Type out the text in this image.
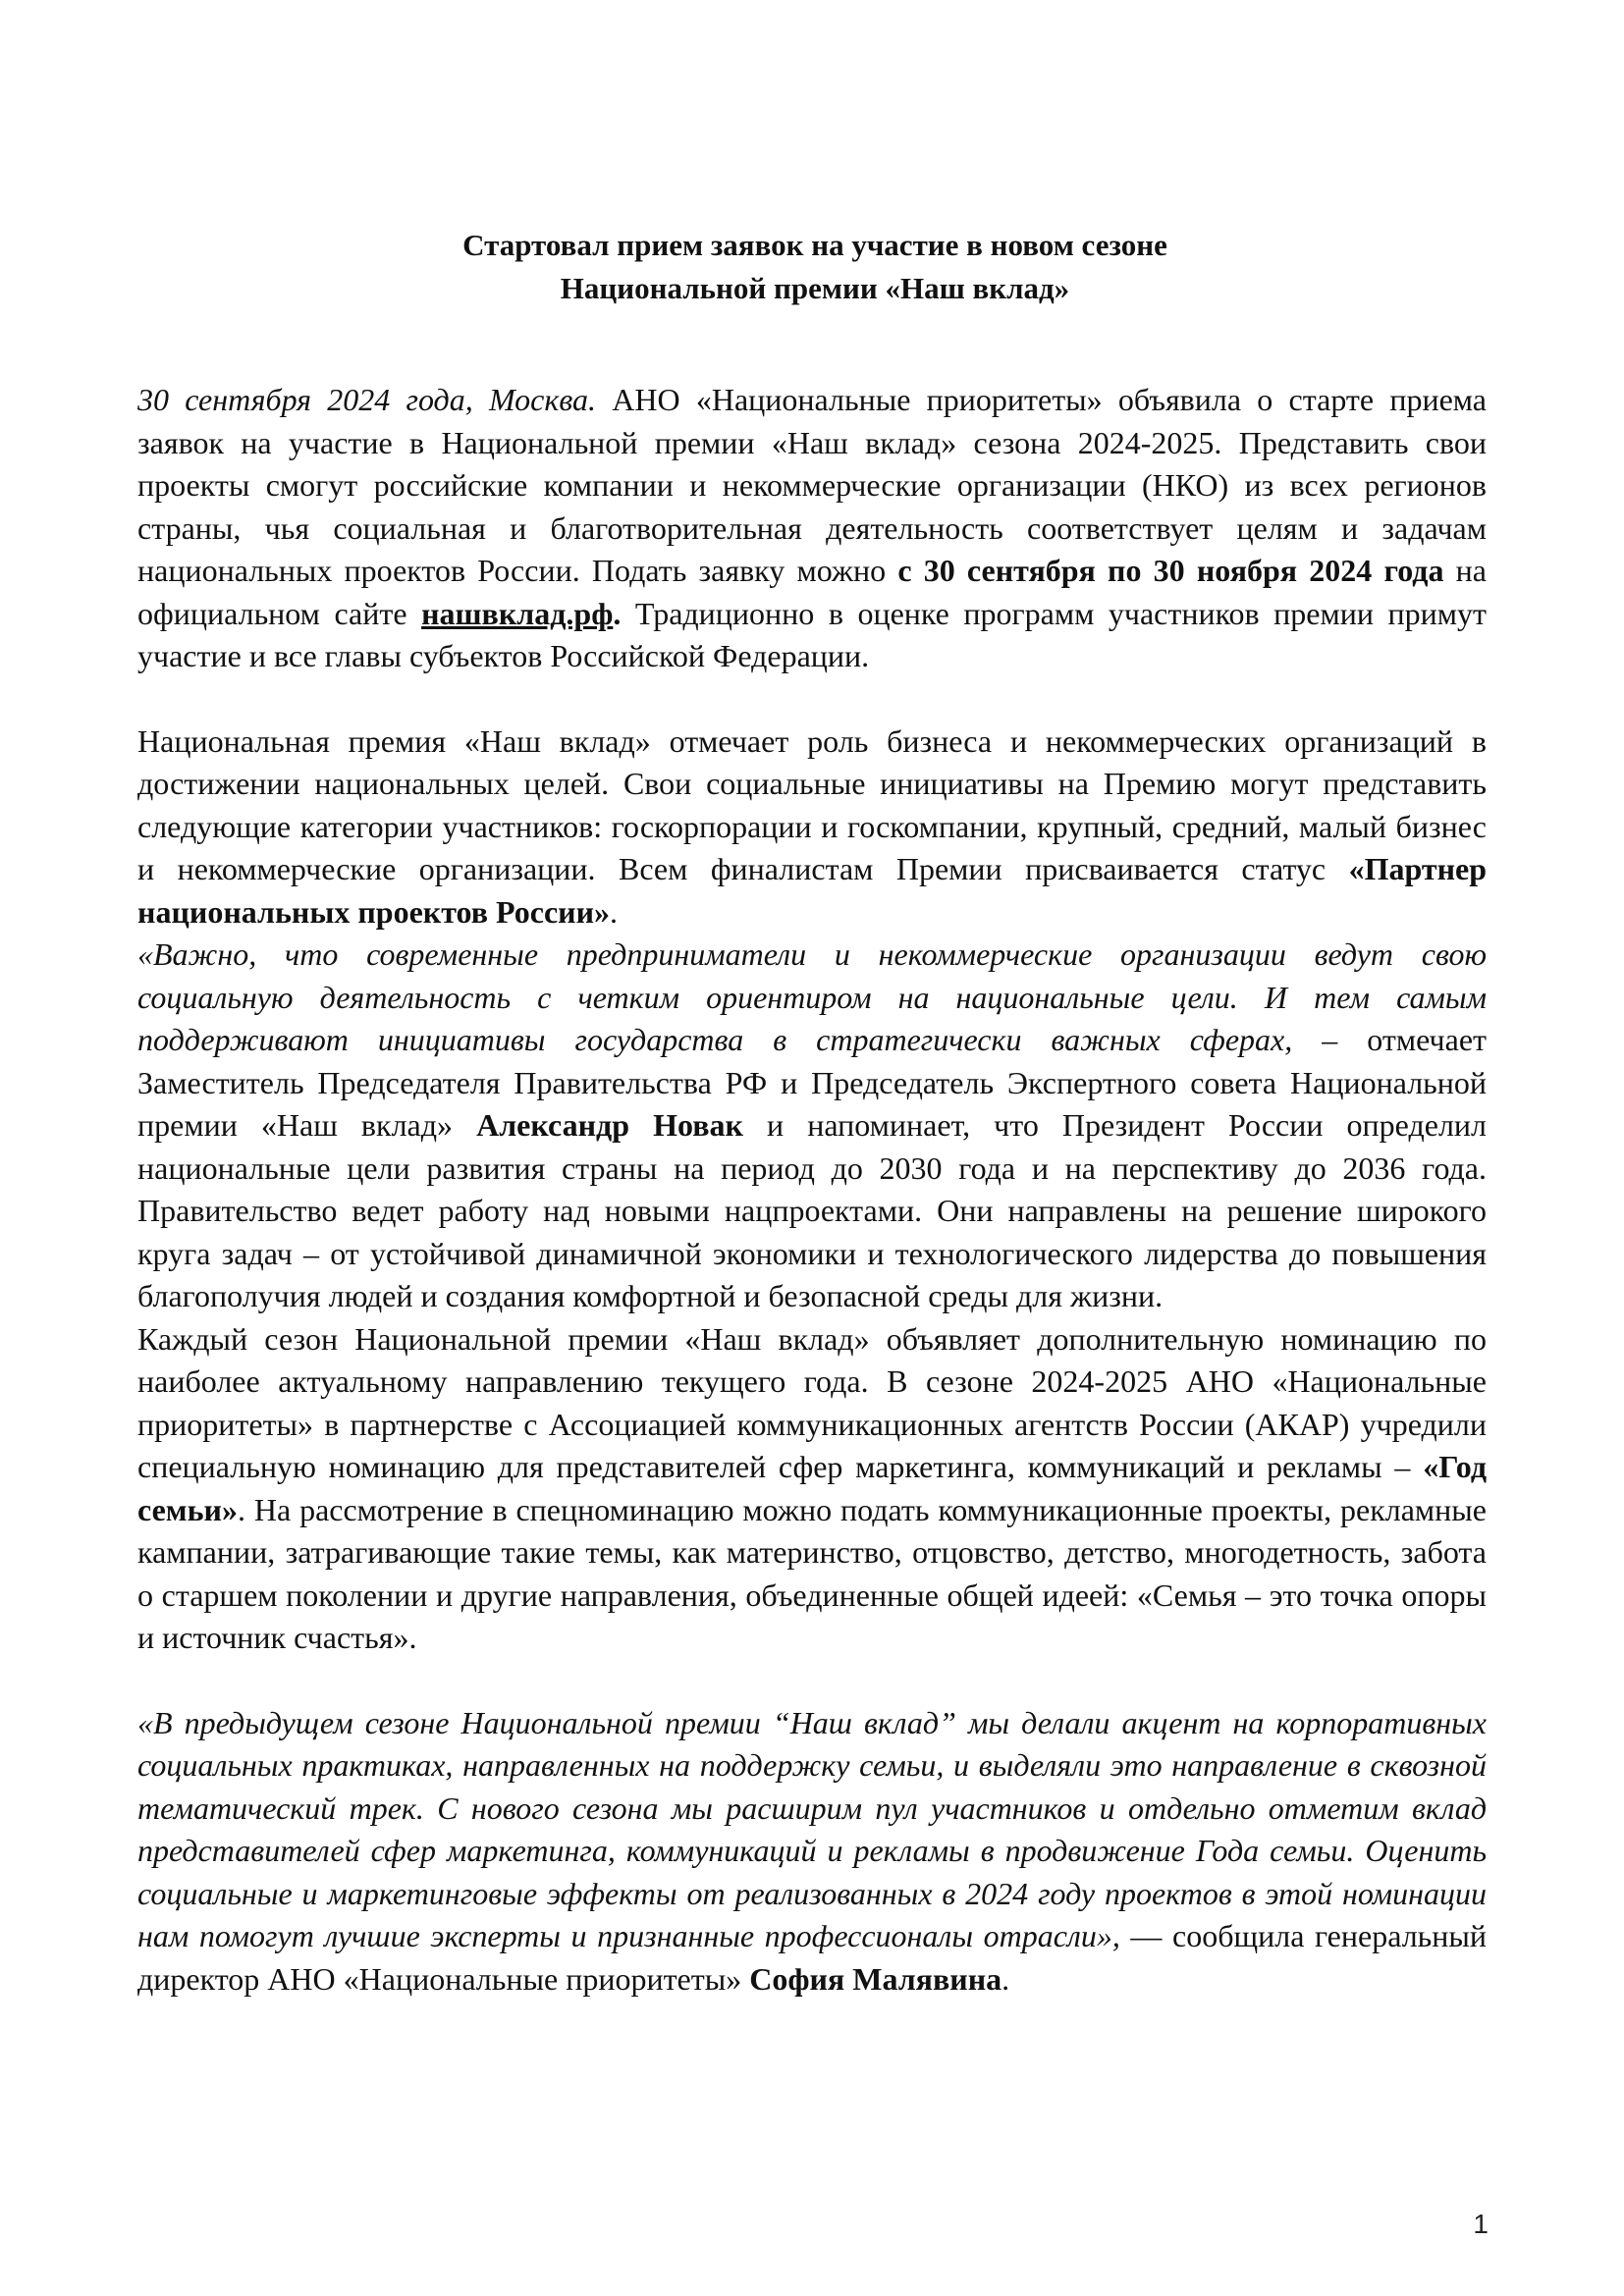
Стартовал прием заявок на участие в новом сезоне
Национальной премии «Наш вклад»

30 сентября 2024 года, Москва. АНО «Национальные приоритеты» объявила о старте приема заявок на участие в Национальной премии «Наш вклад» сезона 2024-2025. Представить свои проекты смогут российские компании и некоммерческие организации (НКО) из всех регионов страны, чья социальная и благотворительная деятельность соответствует целям и задачам национальных проектов России. Подать заявку можно с 30 сентября по 30 ноября 2024 года на официальном сайте нашвклад.рф. Традиционно в оценке программ участников премии примут участие и все главы субъектов Российской Федерации.

Национальная премия «Наш вклад» отмечает роль бизнеса и некоммерческих организаций в достижении национальных целей. Свои социальные инициативы на Премию могут представить следующие категории участников: госкорпорации и госкомпании, крупный, средний, малый бизнес и некоммерческие организации. Всем финалистам Премии присваивается статус «Партнер национальных проектов России».

«Важно, что современные предприниматели и некоммерческие организации ведут свою социальную деятельность с четким ориентиром на национальные цели. И тем самым поддерживают инициативы государства в стратегически важных сферах, – отмечает Заместитель Председателя Правительства РФ и Председатель Экспертного совета Национальной премии «Наш вклад» Александр Новак и напоминает, что Президент России определил национальные цели развития страны на период до 2030 года и на перспективу до 2036 года. Правительство ведет работу над новыми нацпроектами. Они направлены на решение широкого круга задач – от устойчивой динамичной экономики и технологического лидерства до повышения благополучия людей и создания комфортной и безопасной среды для жизни.

Каждый сезон Национальной премии «Наш вклад» объявляет дополнительную номинацию по наиболее актуальному направлению текущего года. В сезоне 2024-2025 АНО «Национальные приоритеты» в партнерстве с Ассоциацией коммуникационных агентств России (АКАР) учредили специальную номинацию для представителей сфер маркетинга, коммуникаций и рекламы – «Год семьи». На рассмотрение в спецноминацию можно подать коммуникационные проекты, рекламные кампании, затрагивающие такие темы, как материнство, отцовство, детство, многодетность, забота о старшем поколении и другие направления, объединенные общей идеей: «Семья – это точка опоры и источник счастья».

«В предыдущем сезоне Национальной премии “Наш вклад” мы делали акцент на корпоративных социальных практиках, направленных на поддержку семьи, и выделяли это направление в сквозной тематический трек. С нового сезона мы расширим пул участников и отдельно отметим вклад представителей сфер маркетинга, коммуникаций и рекламы в продвижение Года семьи. Оценить социальные и маркетинговые эффекты от реализованных в 2024 году проектов в этой номинации нам помогут лучшие эксперты и признанные профессионалы отрасли», — сообщила генеральный директор АНО «Национальные приоритеты» София Малявина.

1
